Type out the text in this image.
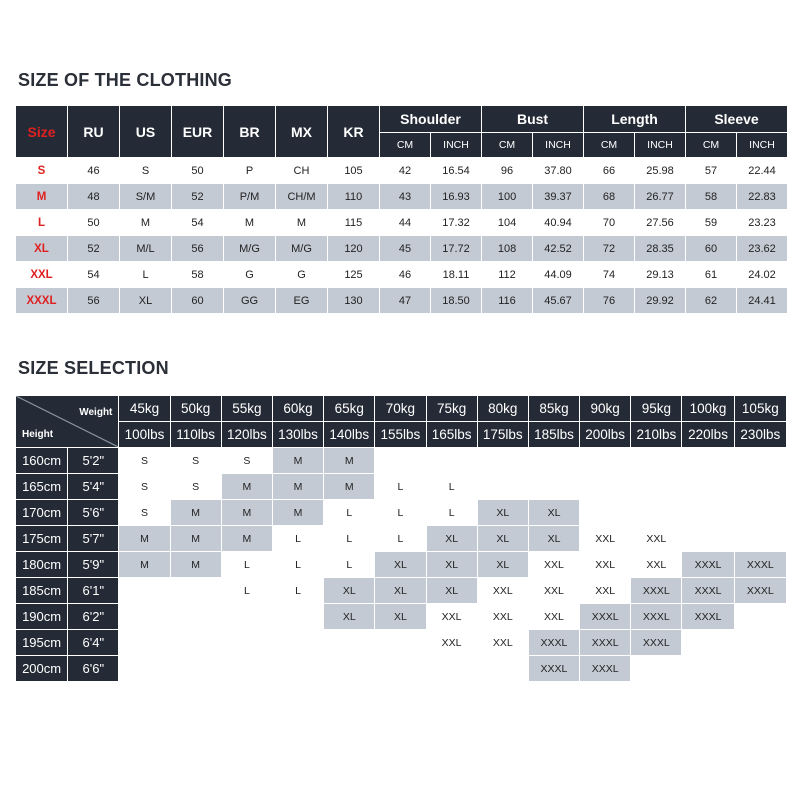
SIZE OF THE CLOTHING
Size	RU	US	EUR	BR	MX	KR	Shoulder		Bust		Length		Sleeve	
							CM	INCH	CM	INCH	CM	INCH	CM	INCH
S	46	S	50	P	CH	105	42	16.54	96	37.80	66	25.98	57	22.44
M	48	S/M	52	P/M	CH/M	110	43	16.93	100	39.37	68	26.77	58	22.83
L	50	M	54	M	M	115	44	17.32	104	40.94	70	27.56	59	23.23
XL	52	M/L	56	M/G	M/G	120	45	17.72	108	42.52	72	28.35	60	23.62
XXL	54	L	58	G	G	125	46	18.11	112	44.09	74	29.13	61	24.02
XXXL	56	XL	60	GG	EG	130	47	18.50	116	45.67	76	29.92	62	24.41
SIZE SELECTION
Weight
Height		45kg	50kg	55kg	60kg	65kg	70kg	75kg	80kg	85kg	90kg	95kg	100kg	105kg
		100lbs	110lbs	120lbs	130lbs	140lbs	155lbs	165lbs	175lbs	185lbs	200lbs	210lbs	220lbs	230lbs
160cm	5'2"	S	S	S	M	M								
165cm	5'4"	S	S	M	M	M	L	L						
170cm	5'6"	S	M	M	M	L	L	L	XL	XL				
175cm	5'7"	M	M	M	L	L	L	XL	XL	XL	XXL	XXL		
180cm	5'9"	M	M	L	L	L	XL	XL	XL	XXL	XXL	XXL	XXXL	XXXL
185cm	6'1"			L	L	XL	XL	XL	XXL	XXL	XXL	XXXL	XXXL	XXXL
190cm	6'2"					XL	XL	XXL	XXL	XXL	XXXL	XXXL	XXXL	
195cm	6'4"							XXL	XXL	XXXL	XXXL	XXXL		
200cm	6'6"									XXXL	XXXL			
